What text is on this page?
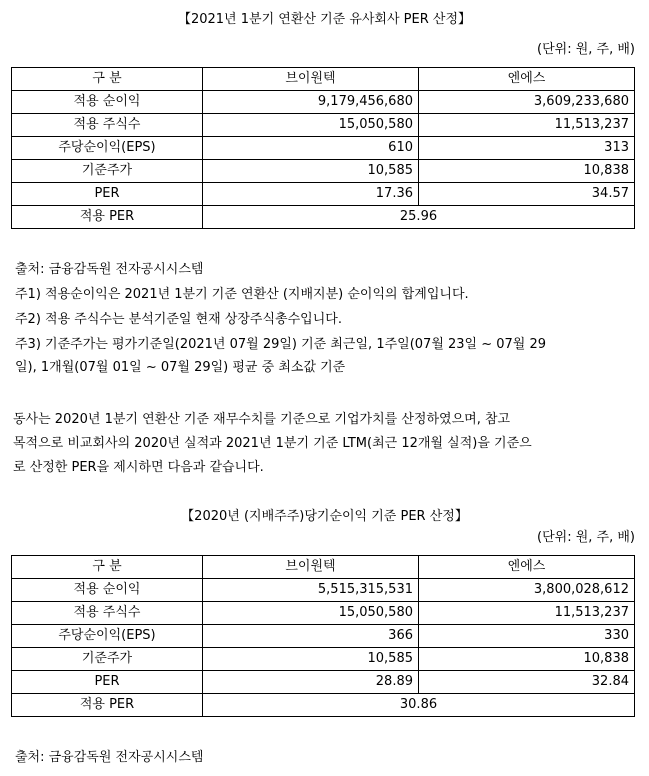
【2021년 1분기 연환산 기준 유사회사 PER 산정】
(단위: 원, 주, 배)
구 분	브이원텍	엔에스
적용 순이익	9,179,456,680	3,609,233,680
적용 주식수	15,050,580	11,513,237
주당순이익(EPS)	610	313
기준주가	10,585	10,838
PER	17.36	34.57
적용 PER	25.96	
출처: 금융감독원 전자공시시스템
주1) 적용순이익은 2021년 1분기 기준 연환산 (지배지분) 순이익의 합계입니다.
주2) 적용 주식수는 분석기준일 현재 상장주식총수입니다.
주3) 기준주가는 평가기준일(2021년 07월 29일) 기준 최근일, 1주일(07월 23일 ~ 07월 29
일), 1개월(07월 01일 ~ 07월 29일) 평균 중 최소값 기준
동사는 2020년 1분기 연환산 기준 재무수치를 기준으로 기업가치를 산정하였으며, 참고
목적으로 비교회사의 2020년 실적과 2021년 1분기 기준 LTM(최근 12개월 실적)을 기준으
로 산정한 PER을 제시하면 다음과 같습니다.
【2020년 (지배주주)당기순이익 기준 PER 산정】
(단위: 원, 주, 배)
구 분	브이원텍	엔에스
적용 순이익	5,515,315,531	3,800,028,612
적용 주식수	15,050,580	11,513,237
주당순이익(EPS)	366	330
기준주가	10,585	10,838
PER	28.89	32.84
적용 PER	30.86	
출처: 금융감독원 전자공시시스템
